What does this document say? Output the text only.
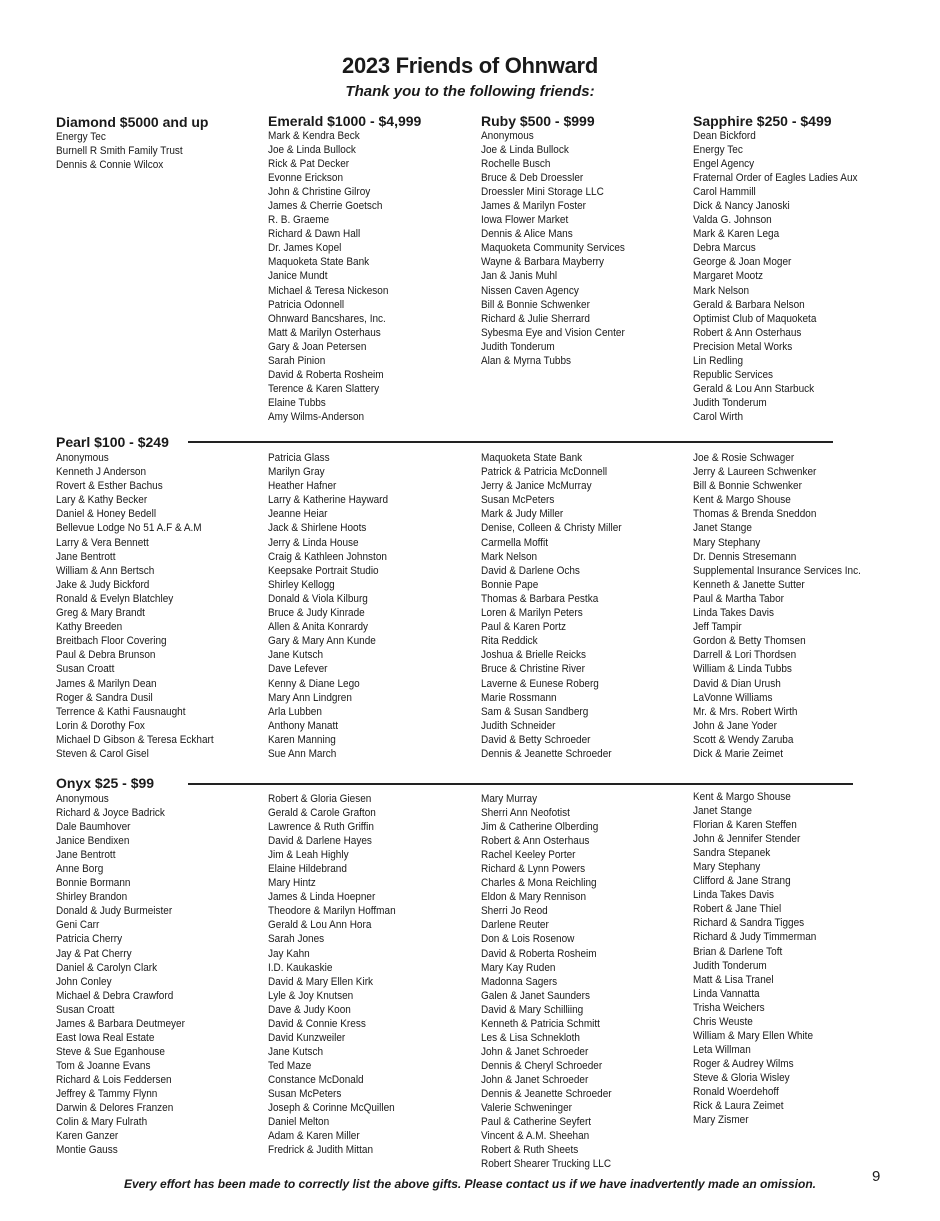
2023 Friends of Ohnward
Thank you to the following friends:
Diamond $5000 and up
Energy Tec
Burnell R Smith Family Trust
Dennis & Connie Wilcox
Emerald $1000 - $4,999
Mark & Kendra Beck
Joe & Linda Bullock
Rick & Pat Decker
Evonne Erickson
John & Christine Gilroy
James & Cherrie Goetsch
R. B. Graeme
Richard & Dawn Hall
Dr. James Kopel
Maquoketa State Bank
Janice Mundt
Michael & Teresa Nickeson
Patricia Odonnell
Ohnward Bancshares, Inc.
Matt & Marilyn Osterhaus
Gary & Joan Petersen
Sarah Pinion
David & Roberta Rosheim
Terence & Karen Slattery
Elaine Tubbs
Amy Wilms-Anderson
Ruby $500 - $999
Anonymous
Joe & Linda Bullock
Rochelle Busch
Bruce & Deb Droessler
Droessler Mini Storage LLC
James & Marilyn Foster
Iowa Flower Market
Dennis & Alice Mans
Maquoketa Community Services
Wayne & Barbara Mayberry
Jan & Janis Muhl
Nissen Caven Agency
Bill & Bonnie Schwenker
Richard & Julie Sherrard
Sybesma Eye and Vision Center
Judith Tonderum
Alan & Myrna Tubbs
Sapphire $250 - $499
Dean Bickford
Energy Tec
Engel Agency
Fraternal Order of Eagles Ladies Aux
Carol Hammill
Dick & Nancy Janoski
Valda G. Johnson
Mark & Karen Lega
Debra Marcus
George & Joan Moger
Margaret Mootz
Mark Nelson
Gerald & Barbara Nelson
Optimist Club of Maquoketa
Robert & Ann Osterhaus
Precision Metal Works
Lin Redling
Republic Services
Gerald & Lou Ann Starbuck
Judith Tonderum
Carol Wirth
Pearl $100 - $249
Anonymous
Kenneth J Anderson
Rovert & Esther Bachus
Lary & Kathy Becker
Daniel & Honey Bedell
Bellevue Lodge No 51 A.F & A.M
Larry & Vera Bennett
Jane Bentrott
William & Ann Bertsch
Jake & Judy Bickford
Ronald & Evelyn Blatchley
Greg & Mary Brandt
Kathy Breeden
Breitbach Floor Covering
Paul & Debra Brunson
Susan Croatt
James & Marilyn Dean
Roger & Sandra Dusil
Terrence & Kathi Fausnaught
Lorin & Dorothy Fox
Michael D Gibson & Teresa Eckhart
Steven & Carol Gisel
Patricia Glass
Marilyn Gray
Heather Hafner
Larry & Katherine Hayward
Jeanne Heiar
Jack & Shirlene Hoots
Jerry & Linda House
Craig & Kathleen Johnston
Keepsake Portrait Studio
Shirley Kellogg
Donald & Viola Kilburg
Bruce & Judy Kinrade
Allen & Anita Konrardy
Gary & Mary Ann Kunde
Jane Kutsch
Dave Lefever
Kenny & Diane Lego
Mary Ann Lindgren
Arla Lubben
Anthony Manatt
Karen Manning
Sue Ann March
Maquoketa State Bank
Patrick & Patricia McDonnell
Jerry & Janice McMurray
Susan McPeters
Mark & Judy Miller
Denise, Colleen & Christy Miller
Carmella Moffit
Mark Nelson
David & Darlene Ochs
Bonnie Pape
Thomas & Barbara Pestka
Loren & Marilyn Peters
Paul & Karen Portz
Rita Reddick
Joshua & Brielle Reicks
Bruce & Christine River
Laverne & Eunese Roberg
Marie Rossmann
Sam & Susan Sandberg
Judith Schneider
David & Betty Schroeder
Dennis & Jeanette Schroeder
Joe & Rosie Schwager
Jerry & Laureen Schwenker
Bill & Bonnie Schwenker
Kent & Margo Shouse
Thomas & Brenda Sneddon
Janet Stange
Mary Stephany
Dr. Dennis Stresemann
Supplemental Insurance Services Inc.
Kenneth & Janette Sutter
Paul & Martha Tabor
Linda Takes Davis
Jeff Tampir
Gordon & Betty Thomsen
Darrell & Lori Thordsen
William & Linda Tubbs
David & Dian Urush
LaVonne Williams
Mr. & Mrs. Robert Wirth
John & Jane Yoder
Scott & Wendy Zaruba
Dick & Marie Zeimet
Onyx $25 - $99
Anonymous
Richard & Joyce Badrick
Dale Baumhover
Janice Bendixen
Jane Bentrott
Anne Borg
Bonnie Bormann
Shirley Brandon
Donald & Judy Burmeister
Geni Carr
Patricia Cherry
Jay & Pat Cherry
Daniel & Carolyn Clark
John Conley
Michael & Debra Crawford
Susan Croatt
James & Barbara Deutmeyer
East Iowa Real Estate
Steve & Sue Eganhouse
Tom & Joanne Evans
Richard & Lois Feddersen
Jeffrey & Tammy Flynn
Darwin & Delores Franzen
Colin & Mary Fulrath
Karen Ganzer
Montie Gauss
Robert & Gloria Giesen
Gerald & Carole Grafton
Lawrence & Ruth Griffin
David & Darlene Hayes
Jim & Leah Highly
Elaine Hildebrand
Mary Hintz
James & Linda Hoepner
Theodore & Marilyn Hoffman
Gerald & Lou Ann Hora
Sarah Jones
Jay Kahn
I.D. Kaukaskie
David & Mary Ellen Kirk
Lyle & Joy Knutsen
Dave & Judy Koon
David & Connie Kress
David Kunzweiler
Jane Kutsch
Ted Maze
Constance McDonald
Susan McPeters
Joseph & Corinne McQuillen
Daniel Melton
Adam & Karen Miller
Fredrick & Judith Mittan
Mary Murray
Sherri Ann Neofotist
Jim & Catherine Olberding
Robert & Ann Osterhaus
Rachel Keeley Porter
Richard & Lynn Powers
Charles & Mona Reichling
Eldon & Mary Rennison
Sherri Jo Reod
Darlene Reuter
Don & Lois Rosenow
David & Roberta Rosheim
Mary Kay Ruden
Madonna Sagers
Galen & Janet Saunders
David & Mary Schilliing
Kenneth & Patricia Schmitt
Les & Lisa Schnekloth
John & Janet Schroeder
Dennis & Cheryl Schroeder
John & Janet Schroeder
Dennis & Jeanette Schroeder
Valerie Schweninger
Paul & Catherine Seyfert
Vincent & A.M. Sheehan
Robert & Ruth Sheets
Robert Shearer Trucking LLC
Kent & Margo Shouse
Janet Stange
Florian & Karen Steffen
John & Jennifer Stender
Sandra Stepanek
Mary Stephany
Clifford & Jane Strang
Linda Takes Davis
Robert & Jane Thiel
Richard & Sandra Tigges
Richard & Judy Timmerman
Brian & Darlene Toft
Judith Tonderum
Matt & Lisa Tranel
Linda Vannatta
Trisha Weichers
Chris Weuste
William & Mary Ellen White
Leta Willman
Roger & Audrey Wilms
Steve & Gloria Wisley
Ronald Woerdehoff
Rick & Laura Zeimet
Mary Zismer
Every effort has been made to correctly list the above gifts. Please contact us if we have inadvertently made an omission.	9
